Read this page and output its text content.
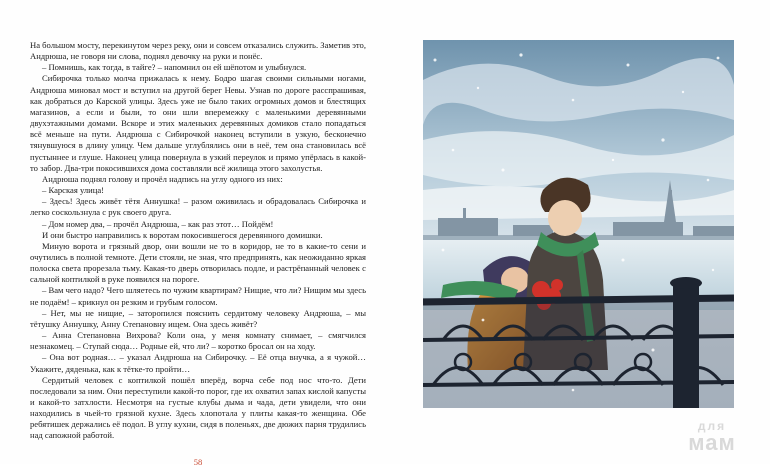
На большом мосту, перекинутом через реку, они и совсем отказались служить. Заметив это, Андрюша, не говоря ни слова, поднял девочку на руки и понёс.

– Помнишь, как тогда, в тайге? – напомнил он ей шёпотом и улыбнулся.

Сибирочка только молча прижалась к нему. Бодро шагая своими сильными ногами, Андрюша миновал мост и вступил на другой берег Невы. Узнав по дороге расспрашивая, как добраться до Карской улицы. Здесь уже не было таких огромных домов и блестящих магазинов, а если и были, то они шли вперемежку с маленькими деревянными двухэтажными домами. Вскоре и этих маленьких деревянных домиков стало попадаться всё меньше на пути. Андрюша с Сибирочкой наконец вступили в узкую, бесконечно тянувшуюся в длину улицу. Чем дальше углублялись они в неё, тем она становилась всё пустыннее и глуше. Наконец улица повернула в узкий переулок и прямо упёрлась в какой-то забор. Два-три покосившихся дома составляли всё жилища этого захолустья.

Андрюша поднял голову и прочёл надпись на углу одного из них:

– Карская улица!

– Здесь! Здесь живёт тётя Аннушка! – разом оживилась и обрадовалась Сибирочка и легко соскользнула с рук своего друга.

– Дом номер два, – прочёл Андрюша, – как раз этот… Пойдём!

И они быстро направились к воротам покосившегося деревянного домишки.

Миную ворота и грязный двор, они вошли не то в коридор, не то в какие-то сени и очутились в полной темноте. Дети стояли, не зная, что предпринять, как неожиданно яркая полоска света прорезала тьму. Какая-то дверь отворилась подле, и растрёпанный человек с сальной коптилкой в руке появился на пороге.

– Вам чего надо? Чего шляетесь по чужим квартирам? Нищие, что ли? Нищим мы здесь не подаём! – крикнул он резким и грубым голосом.

– Нет, мы не нищие, – заторопился пояснить сердитому человеку Андрюша, – мы тётушку Аннушку, Анну Степановну ищем. Она здесь живёт?

– Анна Степановна Вихрова? Коли она, у меня комнату снимает, – смягчился незнакомец. – Ступай сюда… Родные ей, что ли? – коротко бросал он на ходу.

– Она вот родная… – указал Андрюша на Сибирочку. – Её отца внучка, а я чужой… Укажите, дяденька, как к тётке-то пройти…

Сердитый человек с коптилкой пошёл вперёд, ворча себе под нос что-то. Дети последовали за ним. Они переступили какой-то порог, где их охватил запах кислой капусты и какой-то затхлости. Несмотря на густые клубы дыма и чада, дети увидели, что они находились в чьей-то грязной кухне. Здесь хлопотала у плиты какая-то женщина. Обе ребятишек держались её подол. В углу кухни, сидя в поленьях, две дюжих парня трудились над сапожной работой.

58
для
мам
